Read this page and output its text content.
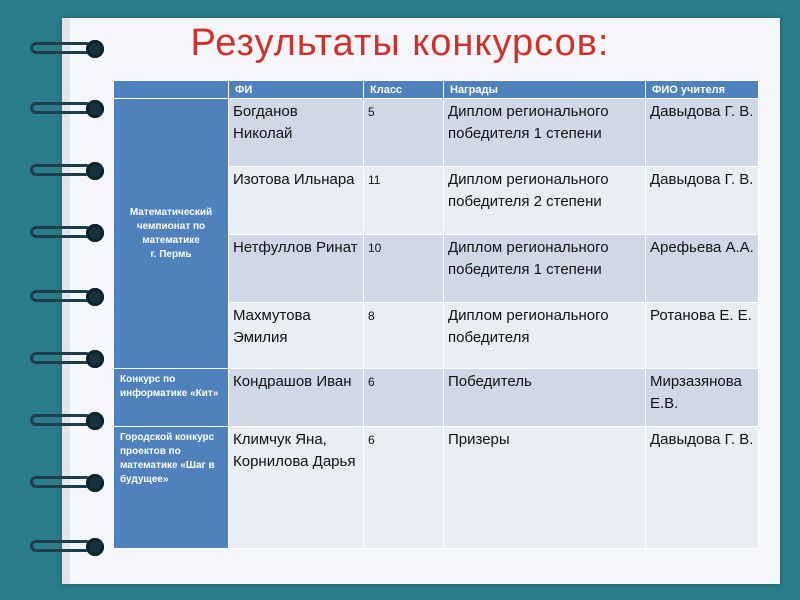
Результаты конкурсов:
	ФИ	Класс	Награды	ФИО учителя
Математический чемпионат по математике
г. Пермь	Богданов Николай	5	Диплом регионального победителя 1 степени	Давыдова Г. В.
	Изотова Ильнара	11	Диплом регионального победителя 2 степени	Давыдова Г. В.
	Нетфуллов Ринат	10	Диплом регионального победителя 1 степени	Арефьева А.А.
	Махмутова Эмилия	8	Диплом регионального победителя	Ротанова Е. Е.
Конкурс по информатике «Кит»	Кондрашов Иван	6	Победитель	Мирзазянова Е.В.
Городской конкурс проектов по математике «Шаг в будущее»	Климчук Яна, Корнилова Дарья	6	Призеры	Давыдова Г. В.
